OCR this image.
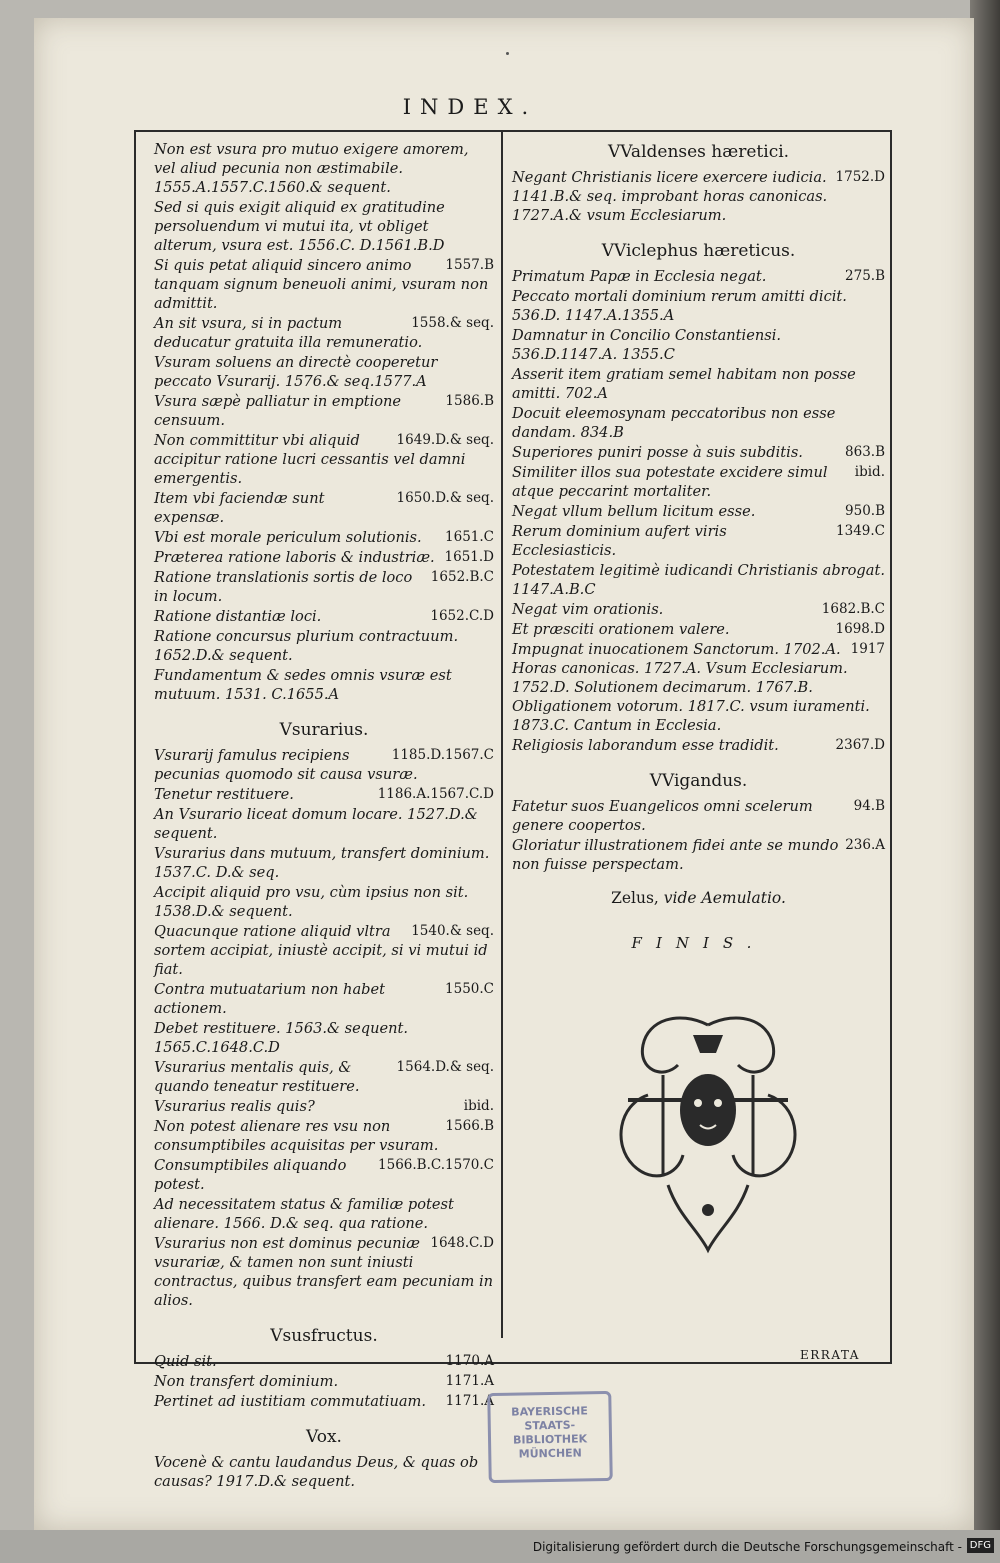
INDEX.
Non est vsura pro mutuo exigere amorem, vel aliud pecunia non æstimabile. 1555.A.1557.C.1560.& sequent.
Sed si quis exigit aliquid ex gratitudine persoluendum vi mutui ita, vt obliget alterum, vsura est. 1556.C. D.1561.B.D
1557.B
Si quis petat aliquid sincero animo tanquam signum beneuoli animi, vsuram non admittit.
1558.& seq.
An sit vsura, si in pactum deducatur gratuita illa remuneratio.
Vsuram soluens an directè cooperetur peccato Vsurarij. 1576.& seq.1577.A
1586.B
Vsura sæpè palliatur in emptione censuum.
1649.D.& seq.
Non committitur vbi aliquid accipitur ratione lucri cessantis vel damni emergentis.
1650.D.& seq.
Item vbi faciendæ sunt expensæ.
1651.C
Vbi est morale periculum solutionis.
1651.D
Præterea ratione laboris & industriæ.
1652.B.C
Ratione translationis sortis de loco in locum.
1652.C.D
Ratione distantiæ loci.
Ratione concursus plurium contractuum. 1652.D.& sequent.
Fundamentum & sedes omnis vsuræ est mutuum. 1531. C.1655.A
Vsurarius.
1185.D.1567.C
Vsurarij famulus recipiens pecunias quomodo sit causa vsuræ.
1186.A.1567.C.D
Tenetur restituere.
An Vsurario liceat domum locare. 1527.D.& sequent.
Vsurarius dans mutuum, transfert dominium. 1537.C. D.& seq.
Accipit aliquid pro vsu, cùm ipsius non sit. 1538.D.& sequent.
1540.& seq.
Quacunque ratione aliquid vltra sortem accipiat, iniustè accipit, si vi mutui id fiat.
1550.C
Contra mutuatarium non habet actionem.
Debet restituere. 1563.& sequent. 1565.C.1648.C.D
1564.D.& seq.
Vsurarius mentalis quis, & quando teneatur restituere.
ibid.
Vsurarius realis quis?
1566.B
Non potest alienare res vsu non consumptibiles acquisitas per vsuram.
1566.B.C.1570.C
Consumptibiles aliquando potest.
Ad necessitatem status & familiæ potest alienare. 1566. D.& seq. qua ratione.
1648.C.D
Vsurarius non est dominus pecuniæ vsurariæ, & tamen non sunt iniusti contractus, quibus transfert eam pecuniam in alios.
Vsusfructus.
1170.A
Quid sit.
1171.A
Non transfert dominium.
1171.A
Pertinet ad iustitiam commutatiuam.
Vox.
Vocenè & cantu laudandus Deus, & quas ob causas? 1917.D.& sequent.
VValdenses hæretici.
1752.D
Negant Christianis licere exercere iudicia. 1141.B.& seq. improbant horas canonicas. 1727.A.& vsum Ecclesiarum.
VViclephus hæreticus.
275.B
Primatum Papæ in Ecclesia negat.
Peccato mortali dominium rerum amitti dicit. 536.D. 1147.A.1355.A
Damnatur in Concilio Constantiensi. 536.D.1147.A. 1355.C
Asserit item gratiam semel habitam non posse amitti. 702.A
Docuit eleemosynam peccatoribus non esse dandam. 834.B
863.B
Superiores puniri posse à suis subditis.
ibid.
Similiter illos sua potestate excidere simul atque peccarint mortaliter.
950.B
Negat vllum bellum licitum esse.
1349.C
Rerum dominium aufert viris Ecclesiasticis.
Potestatem legitimè iudicandi Christianis abrogat. 1147.A.B.C
1682.B.C
Negat vim orationis.
1698.D
Et præsciti orationem valere.
1917
Impugnat inuocationem Sanctorum. 1702.A. Horas canonicas. 1727.A. Vsum Ecclesiarum. 1752.D. Solutionem decimarum. 1767.B. Obligationem votorum. 1817.C. vsum iuramenti. 1873.C. Cantum in Ecclesia.
2367.D
Religiosis laborandum esse tradidit.
VVigandus.
94.B
Fatetur suos Euangelicos omni scelerum genere coopertos.
236.A
Gloriatur illustrationem fidei ante se mundo non fuisse perspectam.
Zelus, vide Aemulatio.
FINIS.
ERRATA
BAYERISCHE
STAATS-
BIBLIOTHEK
MÜNCHEN
Digitalisierung gefördert durch die Deutsche Forschungsgemeinschaft - DFG
